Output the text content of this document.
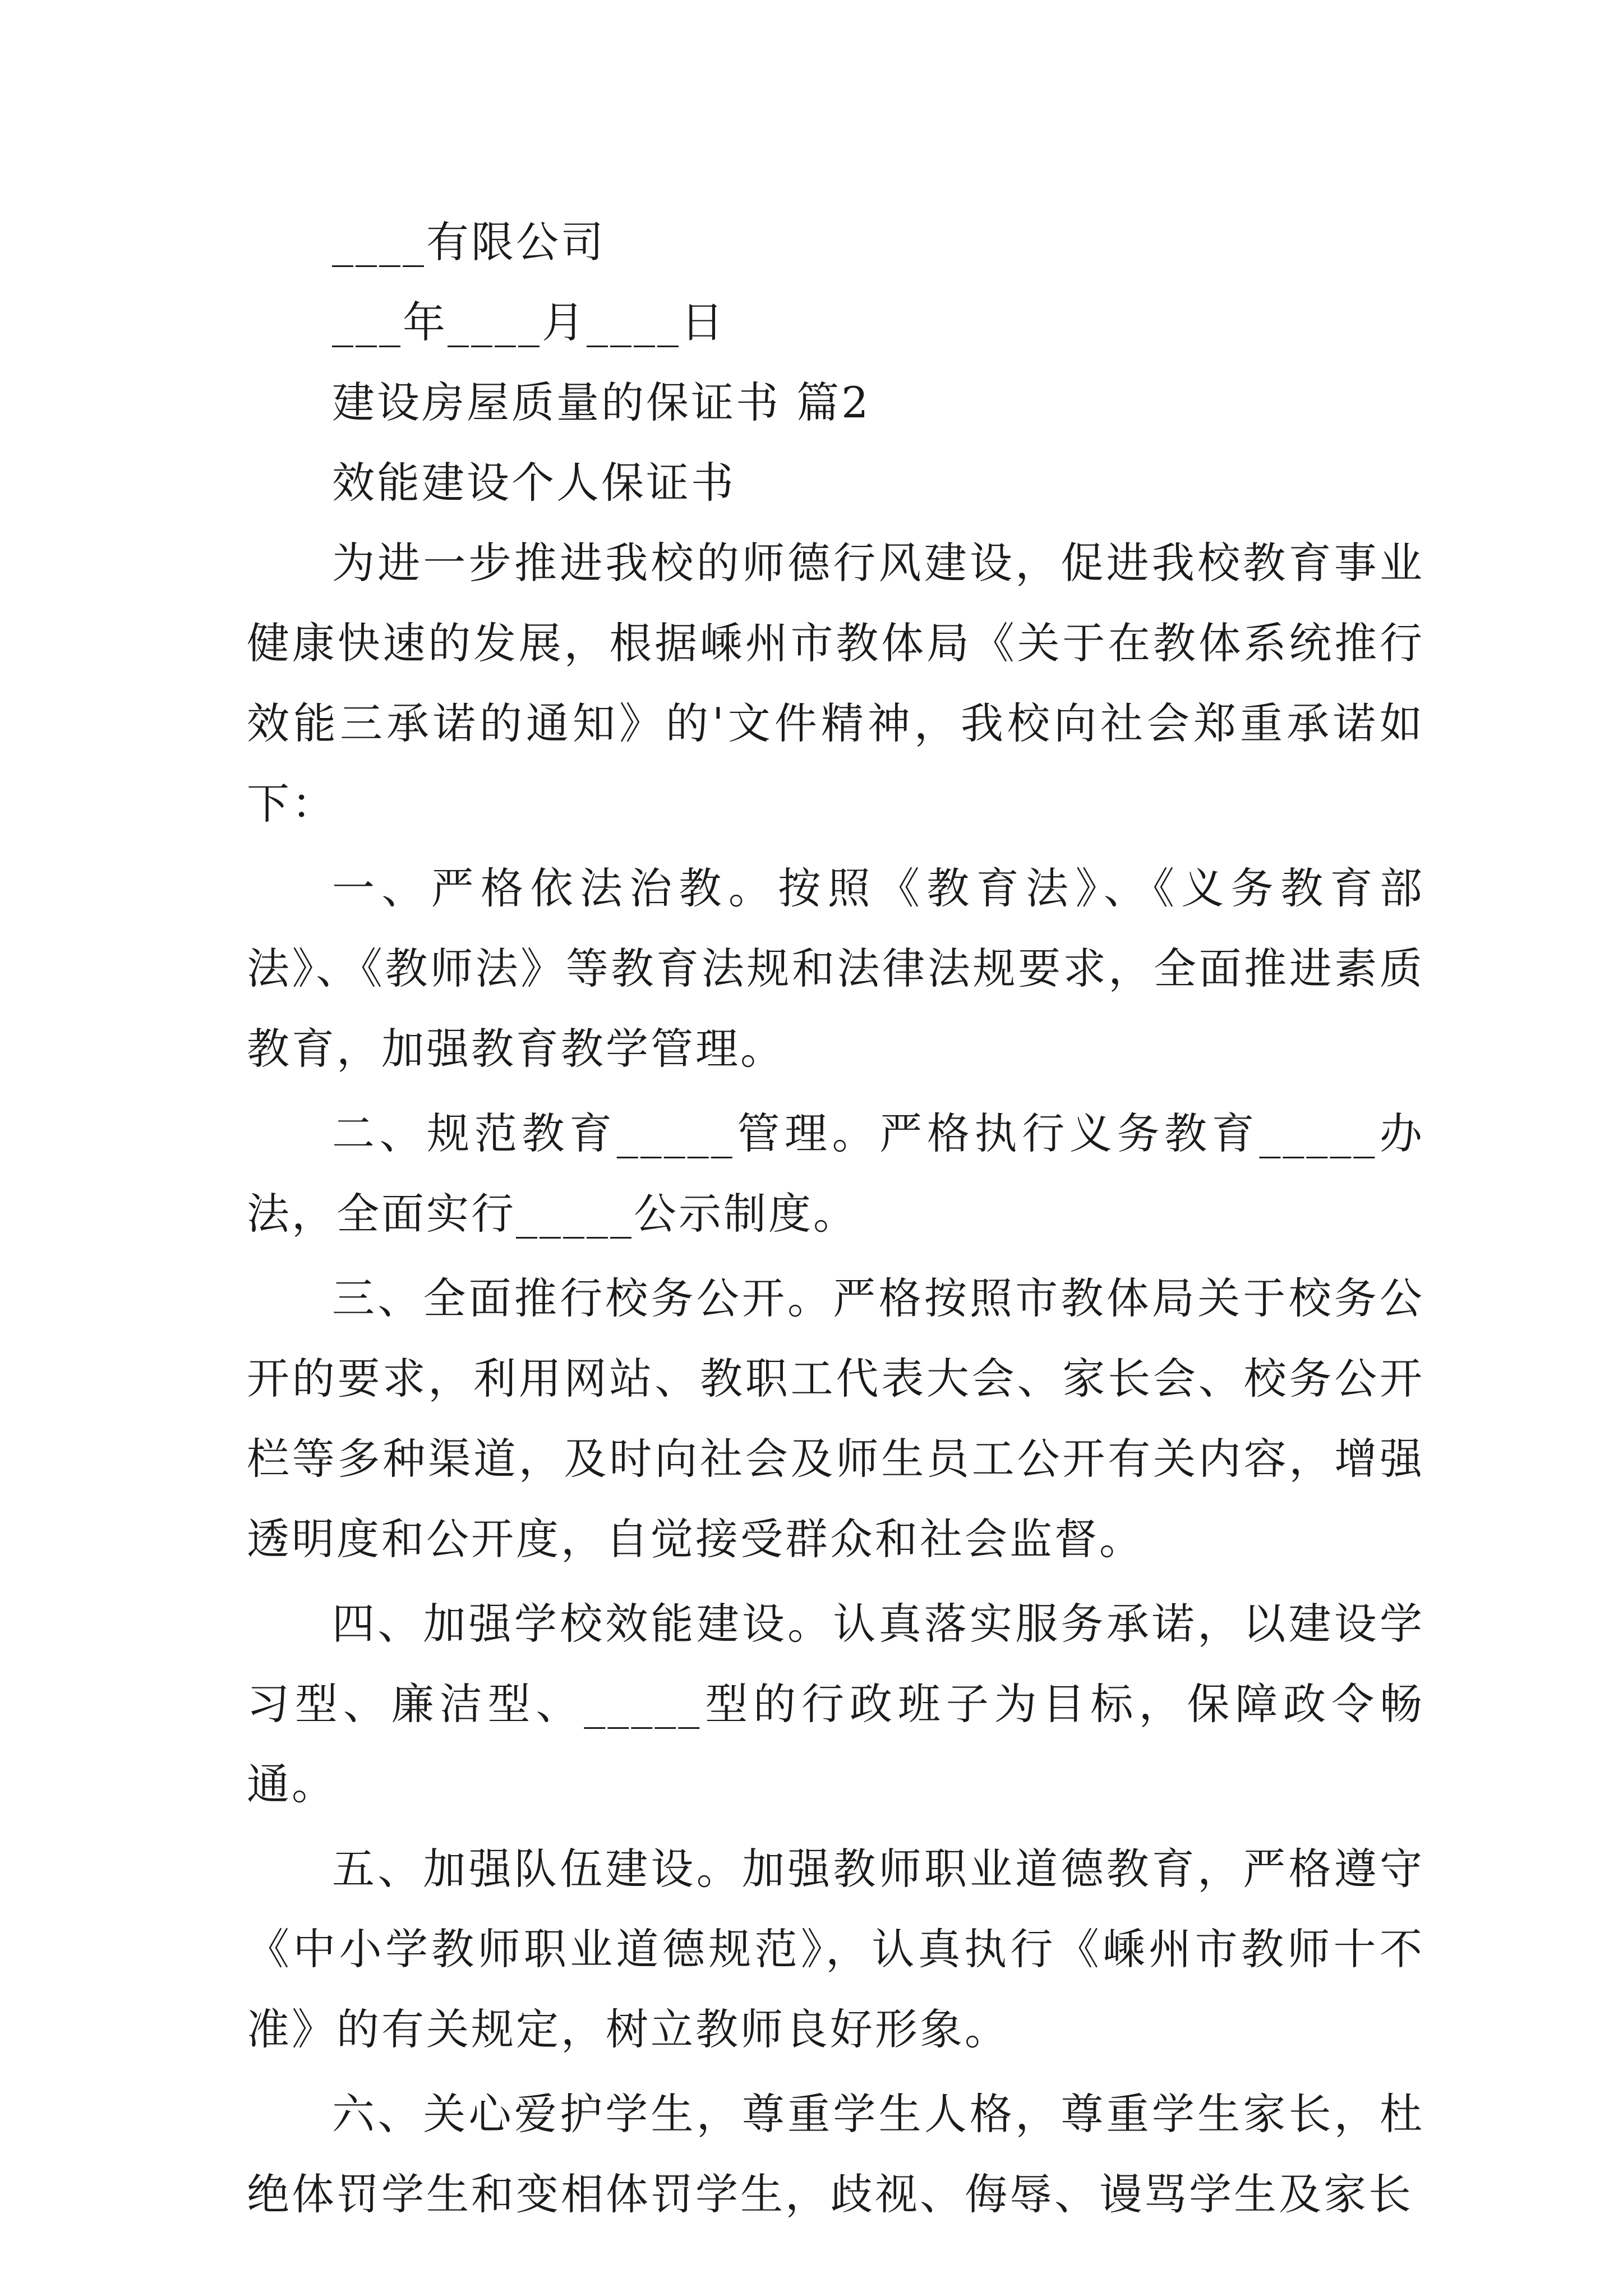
____有限公司
___年____月____日
建设房屋质量的保证书 篇2
效能建设个人保证书

为进一步推进我校的师德行风建设，促进我校教育事业健康快速的发展，根据嵊州市教体局《关于在教体系统推行效能三承诺的通知》的'文件精神，我校向社会郑重承诺如下：

一、严格依法治教。按照《教育法》、《义务教育部法》、《教师法》等教育法规和法律法规要求，全面推进素质教育，加强教育教学管理。

二、规范教育_____管理。严格执行义务教育_____办法，全面实行_____公示制度。

三、全面推行校务公开。严格按照市教体局关于校务公开的要求，利用网站、教职工代表大会、家长会、校务公开栏等多种渠道，及时向社会及师生员工公开有关内容，增强透明度和公开度，自觉接受群众和社会监督。

四、加强学校效能建设。认真落实服务承诺，以建设学习型、廉洁型、_____型的行政班子为目标，保障政令畅通。

五、加强队伍建设。加强教师职业道德教育，严格遵守《中小学教师职业道德规范》，认真执行《嵊州市教师十不准》的有关规定，树立教师良好形象。

六、关心爱护学生，尊重学生人格，尊重学生家长，杜绝体罚学生和变相体罚学生，歧视、侮辱、谩骂学生及家长
